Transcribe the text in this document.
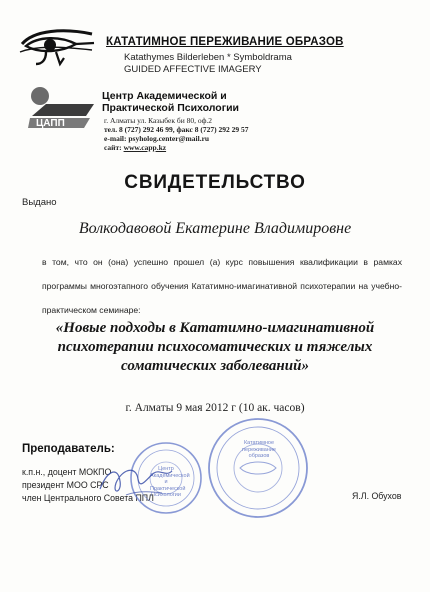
КАТАТИМНОЕ ПЕРЕЖИВАНИЕ ОБРАЗОВ
Katathymes Bilderleben * Symboldrama
GUIDED AFFECTIVE IMAGERY
ЦАПП
Центр Академической и
Практической Психологии
г. Алматы ул. Казыбек би 80, оф.2
тел. 8 (727) 292 46 99, факс 8 (727) 292 29 57
e-mail: psyholog.center@mail.ru
сайт: www.capp.kz
СВИДЕТЕЛЬСТВО
Выдано
Волкодавовой Екатерине Владимировне
в том, что он (она) успешно прошел (а) курс повышения квалификации в рамках программы многоэтапного обучения Кататимно-имагинативной психотерапии на учебно-практическом семинаре:
«Новые подходы в Кататимно-имагинативной
психотерапии психосоматических и тяжелых
соматических заболеваний»
г. Алматы 9 мая 2012 г (10 ак. часов)
Преподаватель:
к.п.н., доцент МОКПО
президент МОО СРС
член Центрального Совета ППЛ	Я.Л. Обухов
Центр Академической и Практической Психологии
Кататимное переживание образов
